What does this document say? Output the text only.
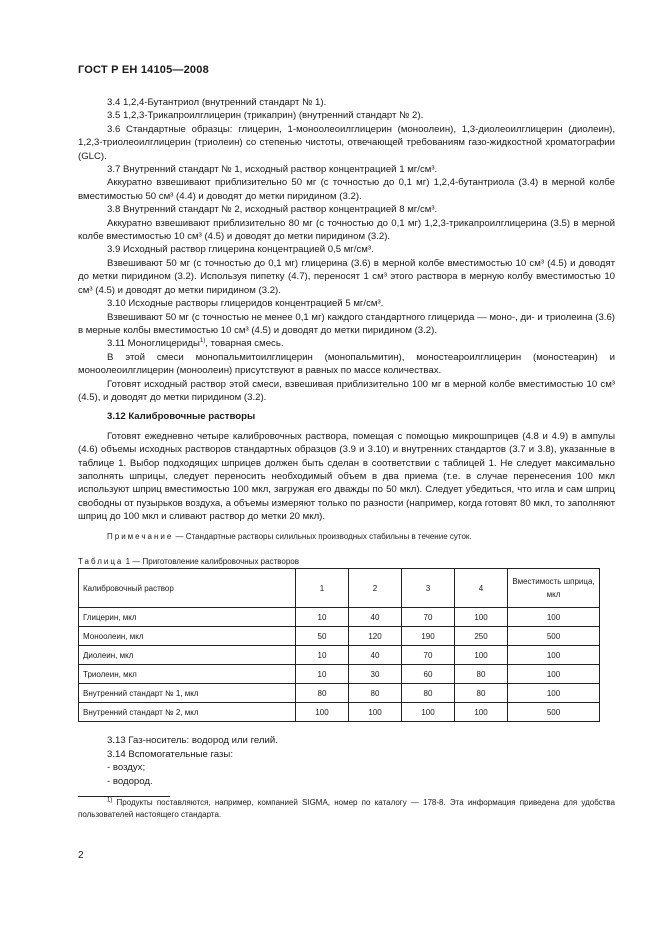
ГОСТ Р ЕН 14105—2008

3.4 1,2,4-Бутантриол (внутренний стандарт № 1).

3.5 1,2,3-Трикапроилглицерин (трикаприн) (внутренний стандарт № 2).

3.6 Стандартные образцы: глицерин, 1-моноолеоилглицерин (моноолеин), 1,3-диолеоилглицерин (диолеин), 1,2,3-триолеоилглицерин (триолеин) со степенью чистоты, отвечающей требованиям газо-жидкостной хроматографии (GLC).

3.7 Внутренний стандарт № 1, исходный раствор концентрацией 1 мг/см³.

Аккуратно взвешивают приблизительно 50 мг (с точностью до 0,1 мг) 1,2,4-бутантриола (3.4) в мерной колбе вместимостью 50 см³ (4.4) и доводят до метки пиридином (3.2).

3.8 Внутренний стандарт № 2, исходный раствор концентрацией 8 мг/см³.

Аккуратно взвешивают приблизительно 80 мг (с точностью до 0,1 мг) 1,2,3-трикапроилглицерина (3.5) в мерной колбе вместимостью 10 см³ (4.5) и доводят до метки пиридином (3.2).

3.9 Исходный раствор глицерина концентрацией 0,5 мг/см³.

Взвешивают 50 мг (с точностью до 0,1 мг) глицерина (3.6) в мерной колбе вместимостью 10 см³ (4.5) и доводят до метки пиридином (3.2). Используя пипетку (4.7), переносят 1 см³ этого раствора в мерную колбу вместимостью 10 см³ (4.5) и доводят до метки пиридином (3.2).

3.10 Исходные растворы глицеридов концентрацией 5 мг/см³.

Взвешивают 50 мг (с точностью не менее 0,1 мг) каждого стандартного глицерида — моно-, ди- и триолеина (3.6) в мерные колбы вместимостью 10 см³ (4.5) и доводят до метки пиридином (3.2).

3.11 Моноглицериды$^{1)}$, товарная смесь.

В этой смеси монопальмитоилглицерин (монопальмитин), моностеароилглицерин (моностеарин) и моноолеоилглицерин (моноолеин) присутствуют в равных по массе количествах.

Готовят исходный раствор этой смеси, взвешивая приблизительно 100 мг в мерной колбе вместимостью 10 см³ (4.5), и доводят до метки пиридином (3.2).

3.12 Калибровочные растворы

Готовят ежедневно четыре калибровочных раствора, помещая с помощью микрошприцев (4.8 и 4.9) в ампулы (4.6) объемы исходных растворов стандартных образцов (3.9 и 3.10) и внутренних стандартов (3.7 и 3.8), указанные в таблице 1. Выбор подходящих шприцев должен быть сделан в соответствии с таблицей 1. Не следует максимально заполнять шприцы, следует переносить необходимый объем в два приема (т.е. в случае перенесения 100 мкл используют шприц вместимостью 100 мкл, загружая его дважды по 50 мкл). Следует убедиться, что игла и сам шприц свободны от пузырьков воздуха, а объемы измеряют только по разности (например, когда готовят 80 мкл, то заполняют шприц до 100 мкл и сливают раствор до метки 20 мкл).

Примечание — Стандартные растворы силильных производных стабильны в течение суток.

Таблица 1 — Приготовление калибровочных растворов

Калибровочный раствор	1	2	3	4	Вместимость шприца, мкл
Глицерин, мкл	10	40	70	100	100
Моноолеин, мкл	50	120	190	250	500
Диолеин, мкл	10	40	70	100	100
Триолеин, мкл	10	30	60	80	100
Внутренний стандарт № 1, мкл	80	80	80	80	100
Внутренний стандарт № 2, мкл	100	100	100	100	500

3.13 Газ-носитель: водород или гелий.

3.14 Вспомогательные газы:

- воздух;

- водород.

$^{1)}$ Продукты поставляются, например, компанией SIGMA, номер по каталогу — 178-8. Эта информация приведена для удобства пользователей настоящего стандарта.

2
